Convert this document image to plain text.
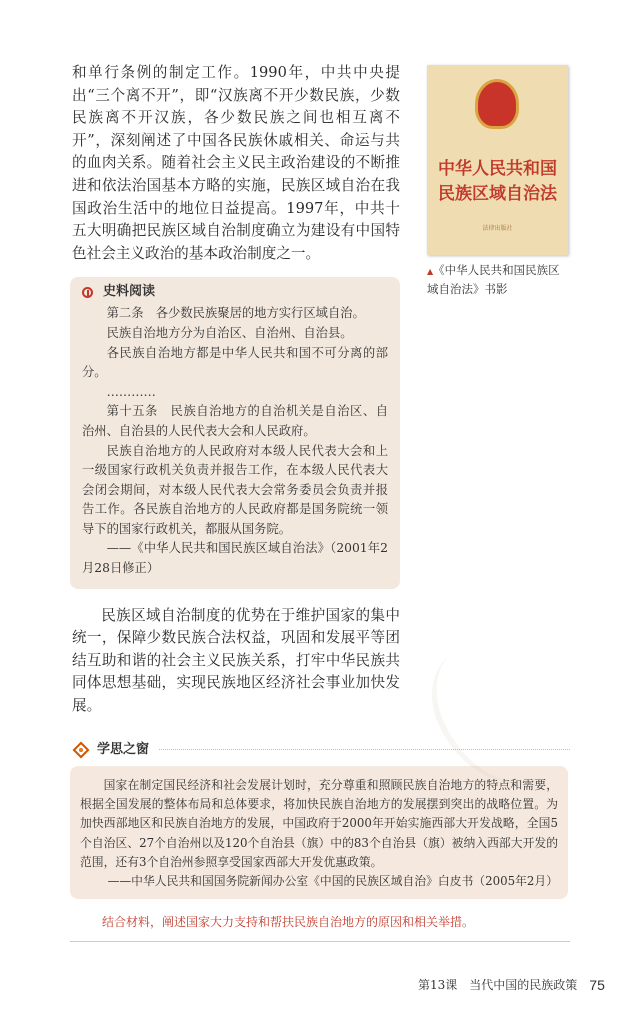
和单行条例的制定工作。1990年，中共中央提出“三个离不开”，即“汉族离不开少数民族，少数民族离不开汉族，各少数民族之间也相互离不开”，深刻阐述了中国各民族休戚相关、命运与共的血肉关系。随着社会主义民主政治建设的不断推进和依法治国基本方略的实施，民族区域自治在我国政治生活中的地位日益提高。1997年，中共十五大明确把民族区域自治制度确立为建设有中国特色社会主义政治的基本政治制度之一。

史料阅读

第二条　各少数民族聚居的地方实行区域自治。

民族自治地方分为自治区、自治州、自治县。

各民族自治地方都是中华人民共和国不可分离的部分。

…………

第十五条　民族自治地方的自治机关是自治区、自治州、自治县的人民代表大会和人民政府。

民族自治地方的人民政府对本级人民代表大会和上一级国家行政机关负责并报告工作，在本级人民代表大会闭会期间，对本级人民代表大会常务委员会负责并报告工作。各民族自治地方的人民政府都是国务院统一领导下的国家行政机关，都服从国务院。

——《中华人民共和国民族区域自治法》（2001年2月28日修正）

民族区域自治制度的优势在于维护国家的集中统一，保障少数民族合法权益，巩固和发展平等团结互助和谐的社会主义民族关系，打牢中华民族共同体思想基础，实现民族地区经济社会事业加快发展。

中华人民共和国
民族区域自治法
法律出版社
▲《中华人民共和国民族区域自治法》书影
学思之窗

国家在制定国民经济和社会发展计划时，充分尊重和照顾民族自治地方的特点和需要，根据全国发展的整体布局和总体要求，将加快民族自治地方的发展摆到突出的战略位置。为加快西部地区和民族自治地方的发展，中国政府于2000年开始实施西部大开发战略，全国5个自治区、27个自治州以及120个自治县（旗）中的83个自治县（旗）被纳入西部大开发的范围，还有3个自治州参照享受国家西部大开发优惠政策。

——中华人民共和国国务院新闻办公室《中国的民族区域自治》白皮书（2005年2月）

结合材料，阐述国家大力支持和帮扶民族自治地方的原因和相关举措。
第13课　当代中国的民族政策 75
